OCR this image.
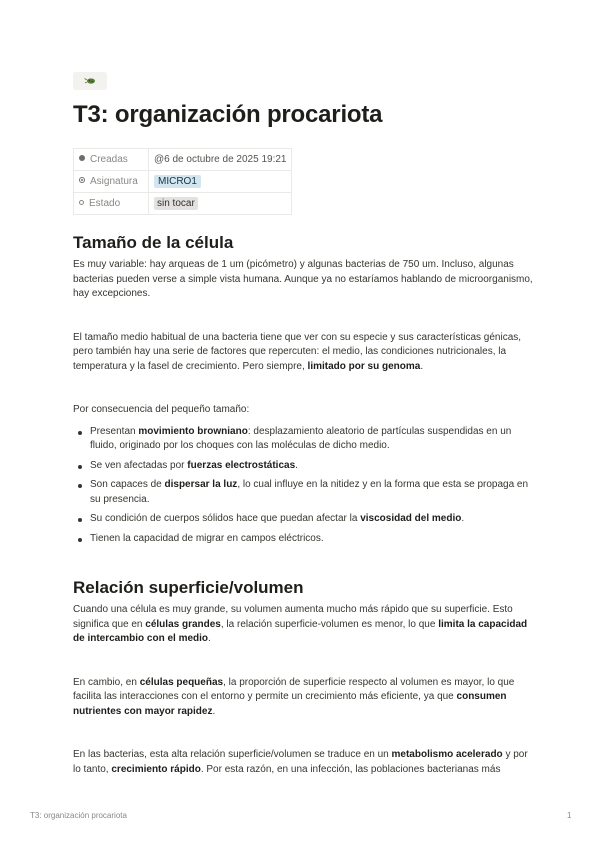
T3: organización procariota
Creadas	@6 de octubre de 2025 19:21
Asignatura	MICRO1
Estado	sin tocar
Tamaño de la célula

Es muy variable: hay arqueas de 1 um (picómetro) y algunas bacterias de 750 um. Incluso, algunas bacterias pueden verse a simple vista humana. Aunque ya no estaríamos hablando de microorganismo, hay excepciones.

El tamaño medio habitual de una bacteria tiene que ver con su especie y sus características génicas, pero también hay una serie de factores que repercuten: el medio, las condiciones nutricionales, la temperatura y la fasel de crecimiento. Pero siempre, limitado por su genoma.

Por consecuencia del pequeño tamaño:

Presentan movimiento browniano: desplazamiento aleatorio de partículas suspendidas en un fluido, originado por los choques con las moléculas de dicho medio.
Se ven afectadas por fuerzas electrostáticas.
Son capaces de dispersar la luz, lo cual influye en la nitidez y en la forma que esta se propaga en su presencia.
Su condición de cuerpos sólidos hace que puedan afectar la viscosidad del medio.
Tienen la capacidad de migrar en campos eléctricos.
Relación superficie/volumen

Cuando una célula es muy grande, su volumen aumenta mucho más rápido que su superficie. Esto significa que en células grandes, la relación superficie-volumen es menor, lo que limita la capacidad de intercambio con el medio.

En cambio, en células pequeñas, la proporción de superficie respecto al volumen es mayor, lo que facilita las interacciones con el entorno y permite un crecimiento más eficiente, ya que consumen nutrientes con mayor rapidez.

En las bacterias, esta alta relación superficie/volumen se traduce en un metabolismo acelerado y por lo tanto, crecimiento rápido. Por esta razón, en una infección, las poblaciones bacterianas más

T3: organización procariota	1
